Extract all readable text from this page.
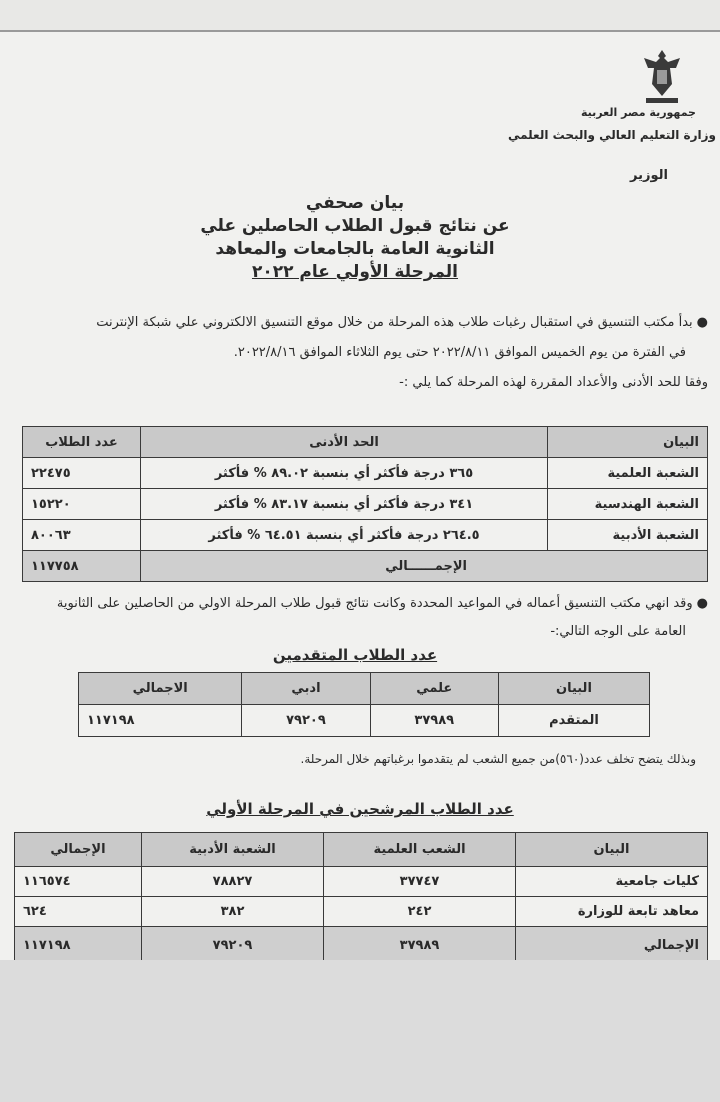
جمهورية مصر العربية
وزارة التعليم العالي والبحث العلمي
الوزير
بيان صحفي
عن نتائج قبول الطلاب الحاصلين علي
الثانوية العامة بالجامعات والمعاهد
المرحلة الأولي عام ٢٠٢٢
●بدأ مكتب التنسيق في استقبال رغبات طلاب هذه المرحلة من خلال موقع التنسيق الالكتروني علي شبكة الإنترنت
في الفترة من يوم الخميس الموافق ٢٠٢٢/٨/١١ حتى يوم الثلاثاء الموافق ٢٠٢٢/٨/١٦.
وفقا للحد الأدنى والأعداد المقررة لهذه المرحلة كما يلي :-
البيان	الحد الأدنى	عدد الطلاب
الشعبة العلمية	٣٦٥ درجة فأكثر أي بنسبة ٨٩.٠٢ % فأكثر	٢٢٤٧٥
الشعبة الهندسية	٣٤١ درجة فأكثر أي بنسبة ٨٣.١٧ % فأكثر	١٥٢٢٠
الشعبة الأدبية	٢٦٤.٥ درجة فأكثر أي بنسبة ٦٤.٥١ % فأكثر	٨٠٠٦٣
الإجمــــــالي		١١٧٧٥٨
●وقد انهي مكتب التنسيق أعماله في المواعيد المحددة وكانت نتائج قبول طلاب المرحلة الاولي من الحاصلين على الثانوية
العامة على الوجه التالي:-
عدد الطلاب المتقدمين
البيان	علمي	ادبي	الاجمالي
المتقدم	٣٧٩٨٩	٧٩٢٠٩	١١٧١٩٨
وبذلك يتضح تخلف عدد(٥٦٠)من جميع الشعب لم يتقدموا برغباتهم خلال المرحلة.
عدد الطلاب المرشحين في المرحلة الأولي
البيان	الشعب العلمية	الشعبة الأدبية	الإجمالي
كليات جامعية	٣٧٧٤٧	٧٨٨٢٧	١١٦٥٧٤
معاهد تابعة للوزارة	٢٤٢	٣٨٢	٦٢٤
الإجمالي	٣٧٩٨٩	٧٩٢٠٩	١١٧١٩٨
